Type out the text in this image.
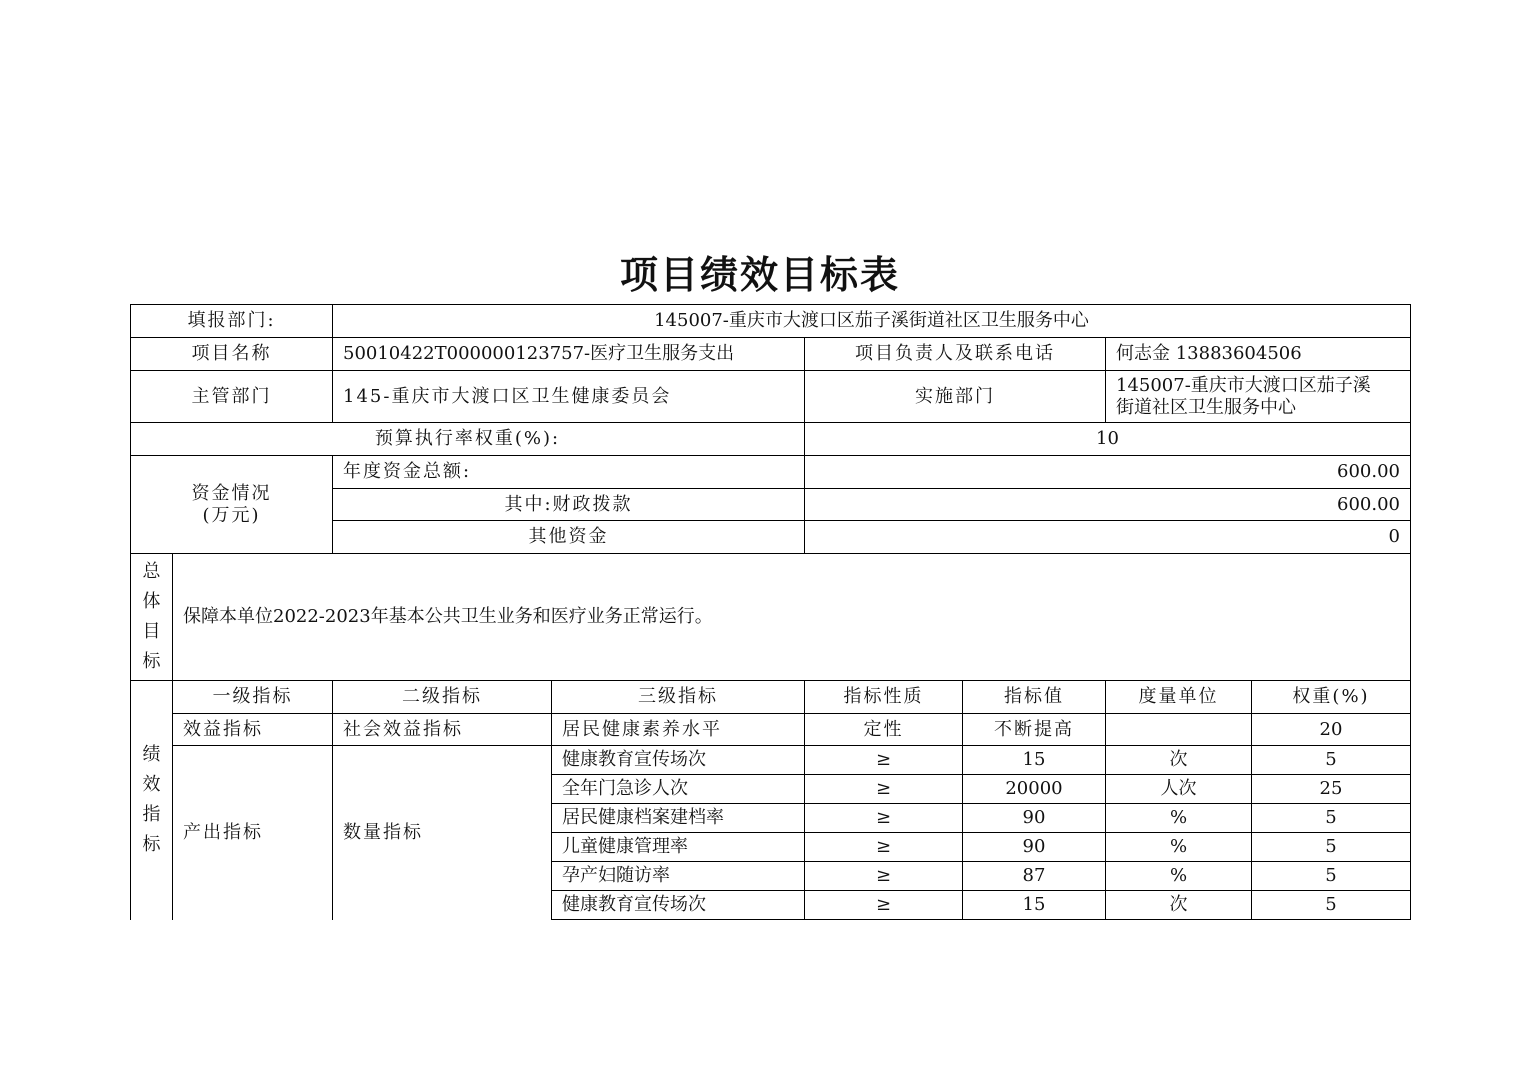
项目绩效目标表
填报部门:		145007-重庆市大渡口区茄子溪街道社区卫生服务中心					
项目名称		50010422T000000123757-医疗卫生服务支出		项目负责人及联系电话		何志金 13883604506	
主管部门		145-重庆市大渡口区卫生健康委员会		实施部门		145007-重庆市大渡口区茄子溪
街道社区卫生服务中心	

预算执行率权重(%):				10			

资金情况
(万元)		年度资金总额:		600.00			
		其中:财政拨款		600.00			
		其他资金		0			

总
体
目
标	保障本单位2022-2023年基本公共卫生业务和医疗业务正常运行。						

绩
效
指
标	一级指标	二级指标	三级指标	指标性质	指标值	度量单位	权重(%)
	效益指标	社会效益指标	居民健康素养水平	定性	不断提高		20
	产出指标	数量指标	健康教育宣传场次	≥	15	次	5
			全年门急诊人次	≥	20000	人次	25
			居民健康档案建档率	≥	90	%	5
			儿童健康管理率	≥	90	%	5
			孕产妇随访率	≥	87	%	5
			健康教育宣传场次	≥	15	次	5
